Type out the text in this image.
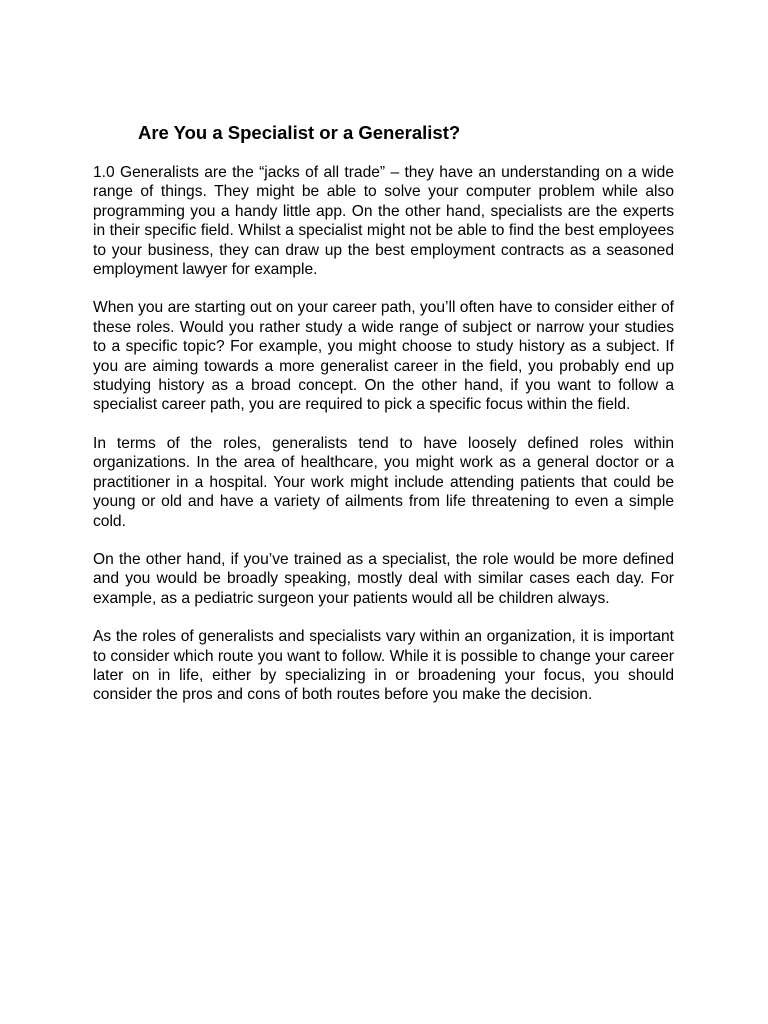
Are You a Specialist or a Generalist?

1.0 Generalists are the “jacks of all trade” – they have an understanding on a wide range of things. They might be able to solve your computer problem while also programming you a handy little app. On the other hand, specialists are the experts in their specific field. Whilst a specialist might not be able to find the best employees to your business, they can draw up the best employment contracts as a seasoned employment lawyer for example.

When you are starting out on your career path, you’ll often have to consider either of these roles. Would you rather study a wide range of subject or narrow your studies to a specific topic? For example, you might choose to study history as a subject. If you are aiming towards a more generalist career in the field, you probably end up studying history as a broad concept. On the other hand, if you want to follow a specialist career path, you are required to pick a specific focus within the field.

In terms of the roles, generalists tend to have loosely defined roles within organizations. In the area of healthcare, you might work as a general doctor or a practitioner in a hospital. Your work might include attending patients that could be young or old and have a variety of ailments from life threatening to even a simple cold.

On the other hand, if you’ve trained as a specialist, the role would be more defined and you would be broadly speaking, mostly deal with similar cases each day. For example, as a pediatric surgeon your patients would all be children always.

As the roles of generalists and specialists vary within an organization, it is important to consider which route you want to follow. While it is possible to change your career later on in life, either by specializing in or broadening your focus, you should consider the pros and cons of both routes before you make the decision.
